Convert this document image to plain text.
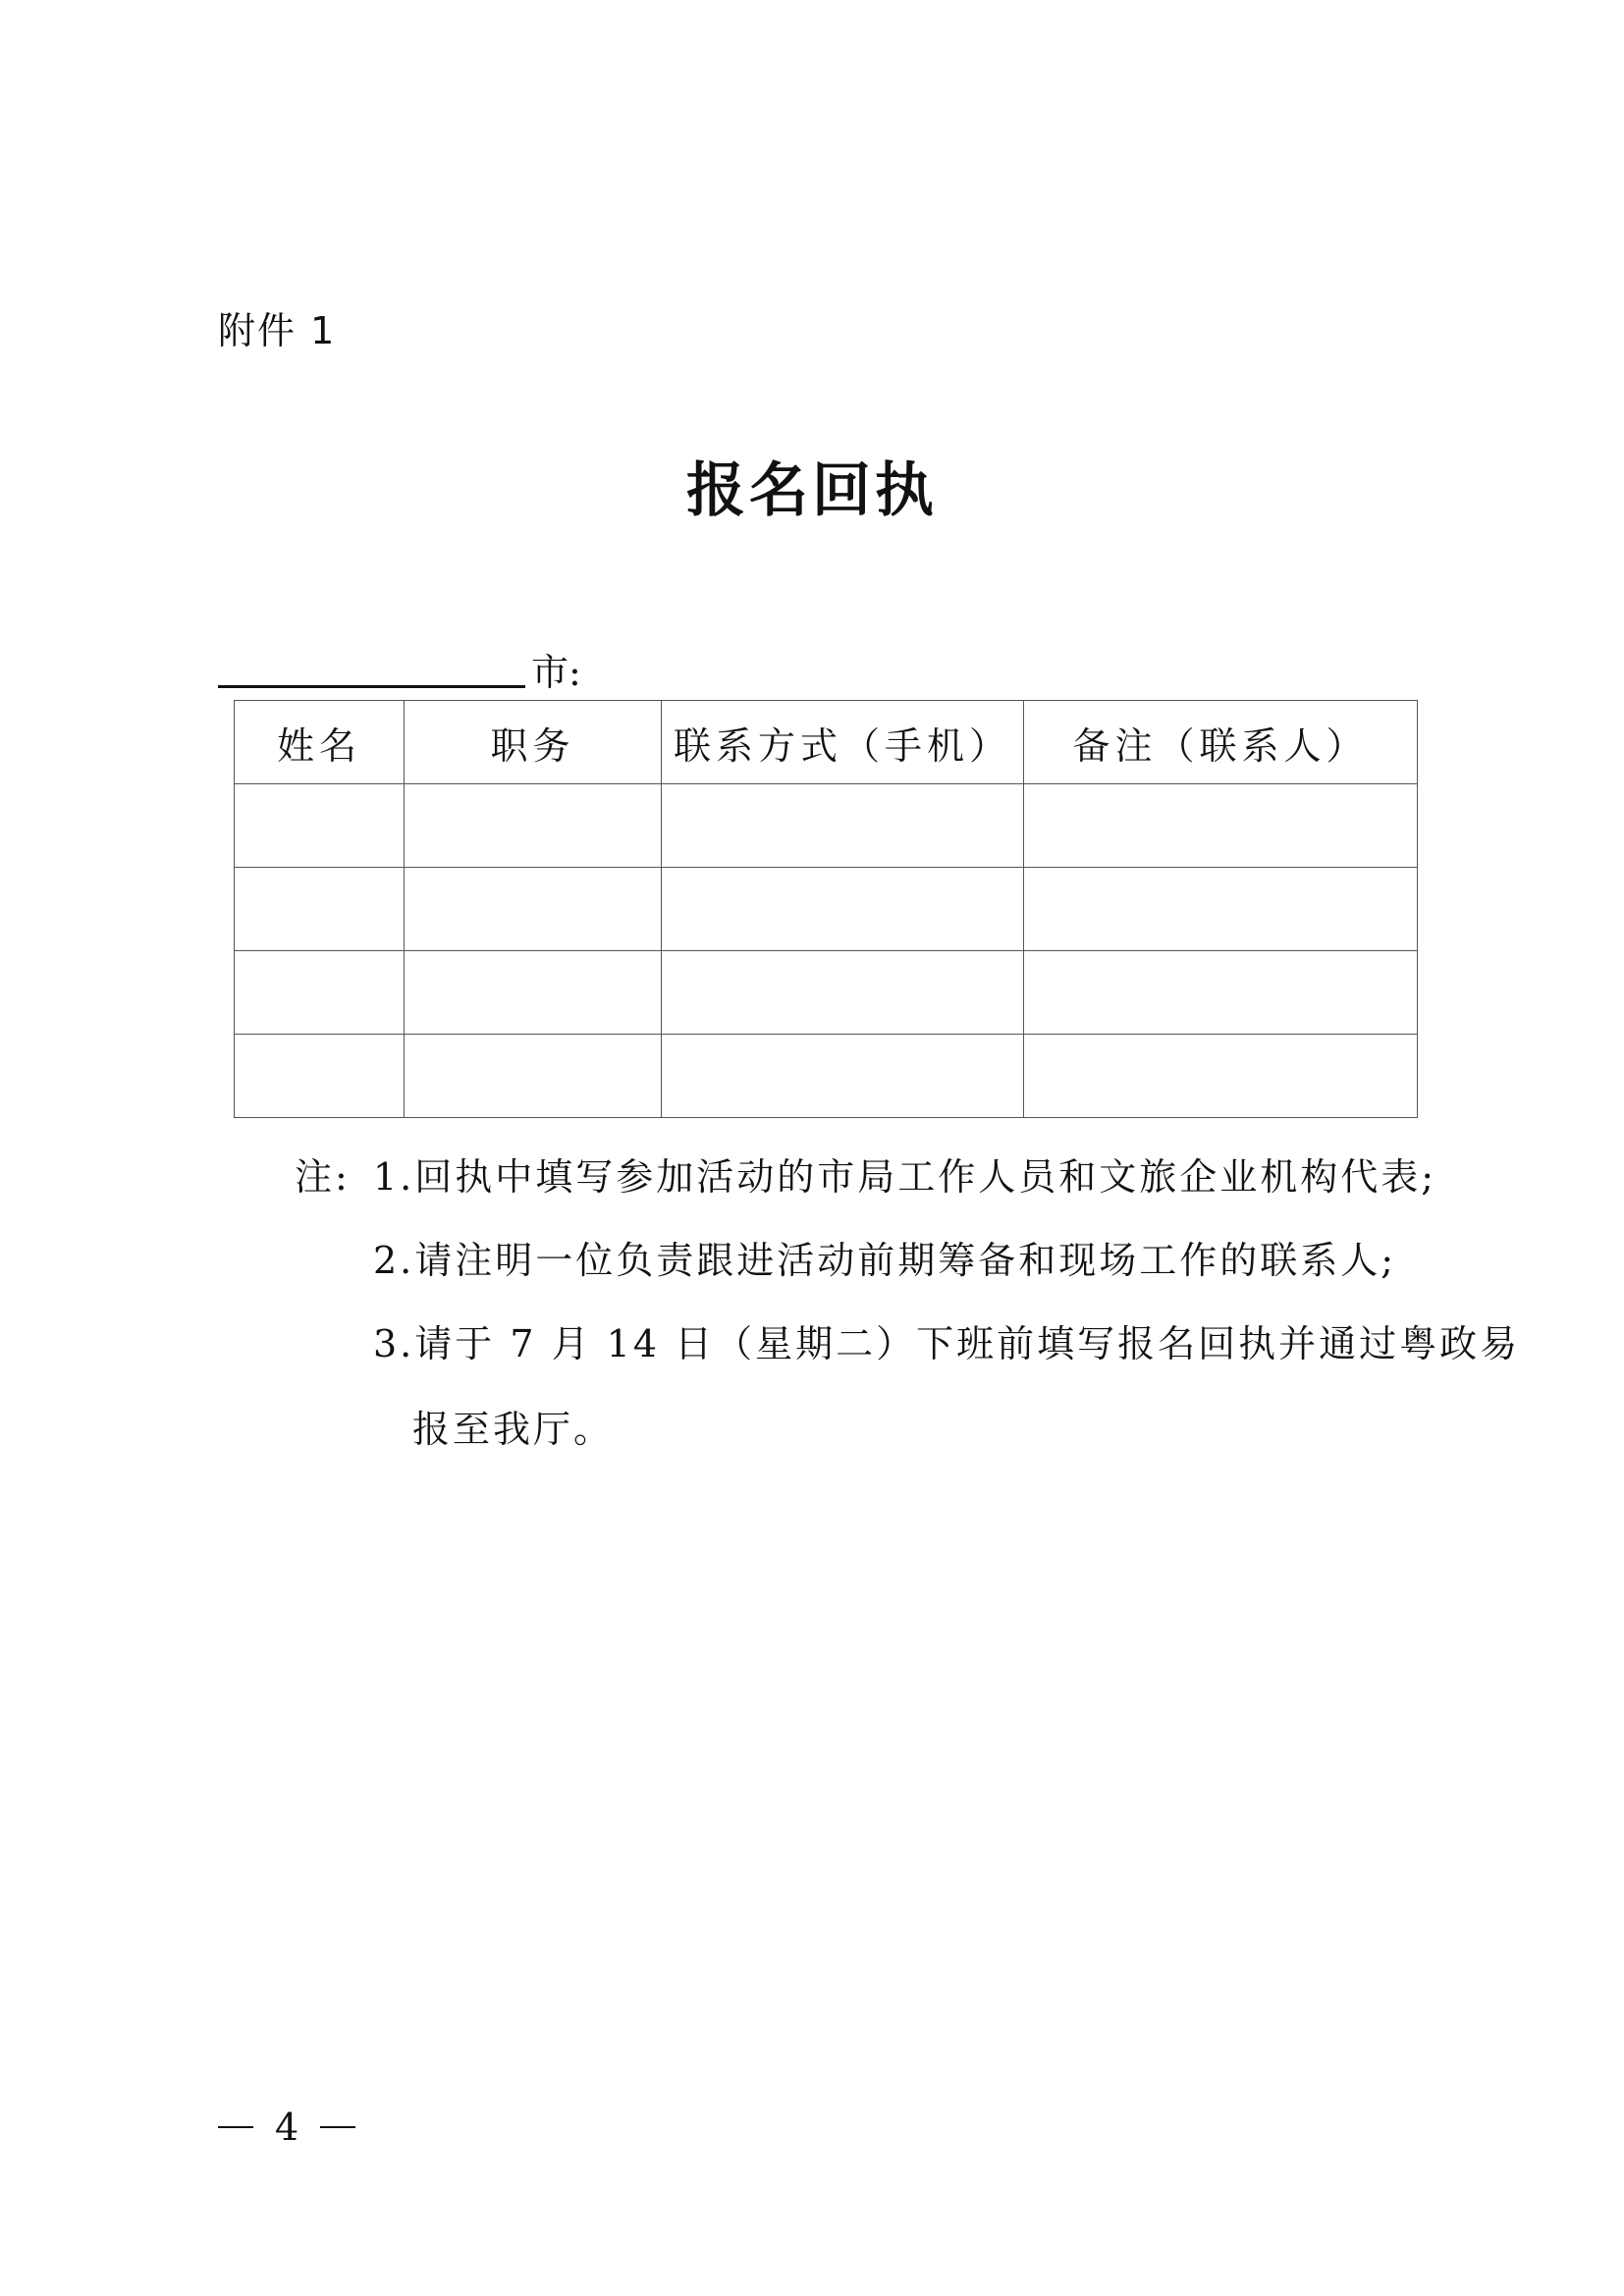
附件 1
报名回执
市:
姓名	职务	联系方式（手机）	备注（联系人）

注: 1.回执中填写参加活动的市局工作人员和文旅企业机构代表;
2.请注明一位负责跟进活动前期筹备和现场工作的联系人;
3.请于 7 月 14 日（星期二）下班前填写报名回执并通过粤政易
报至我厅。
4
